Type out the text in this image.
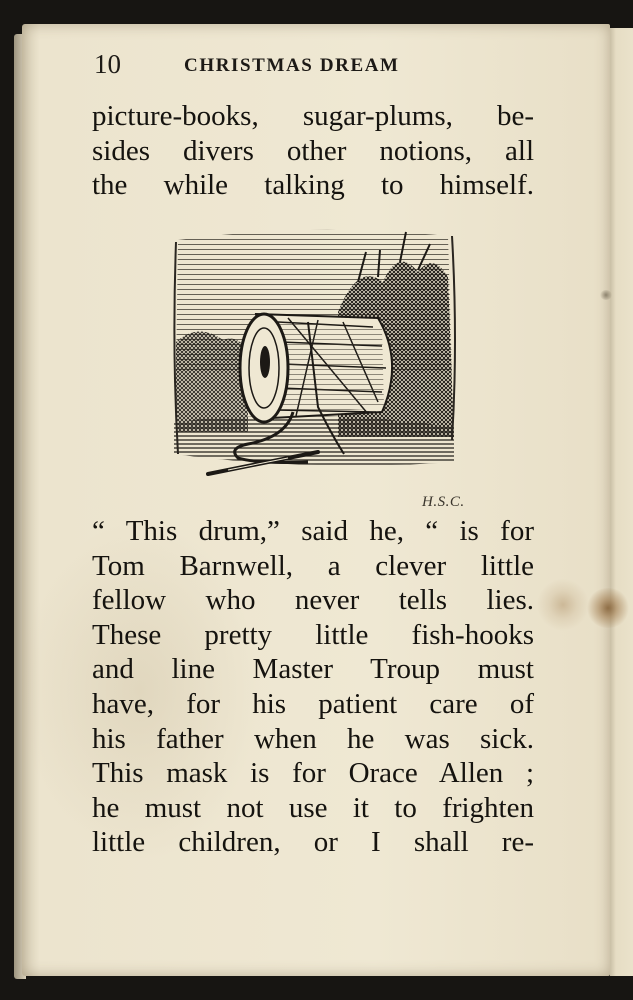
10	CHRISTMAS DREAM
picture-books, sugar-plums, be-
sides divers other notions, all
the while talking to himself.
H.S.C.
“ This drum,” said he, “ is for
Tom Barnwell, a clever little
fellow who never tells lies.
These pretty little fish-hooks
and line Master Troup must
have, for his patient care of
his father when he was sick.
This mask is for Orace Allen ;
he must not use it to frighten
little children, or I shall re-
